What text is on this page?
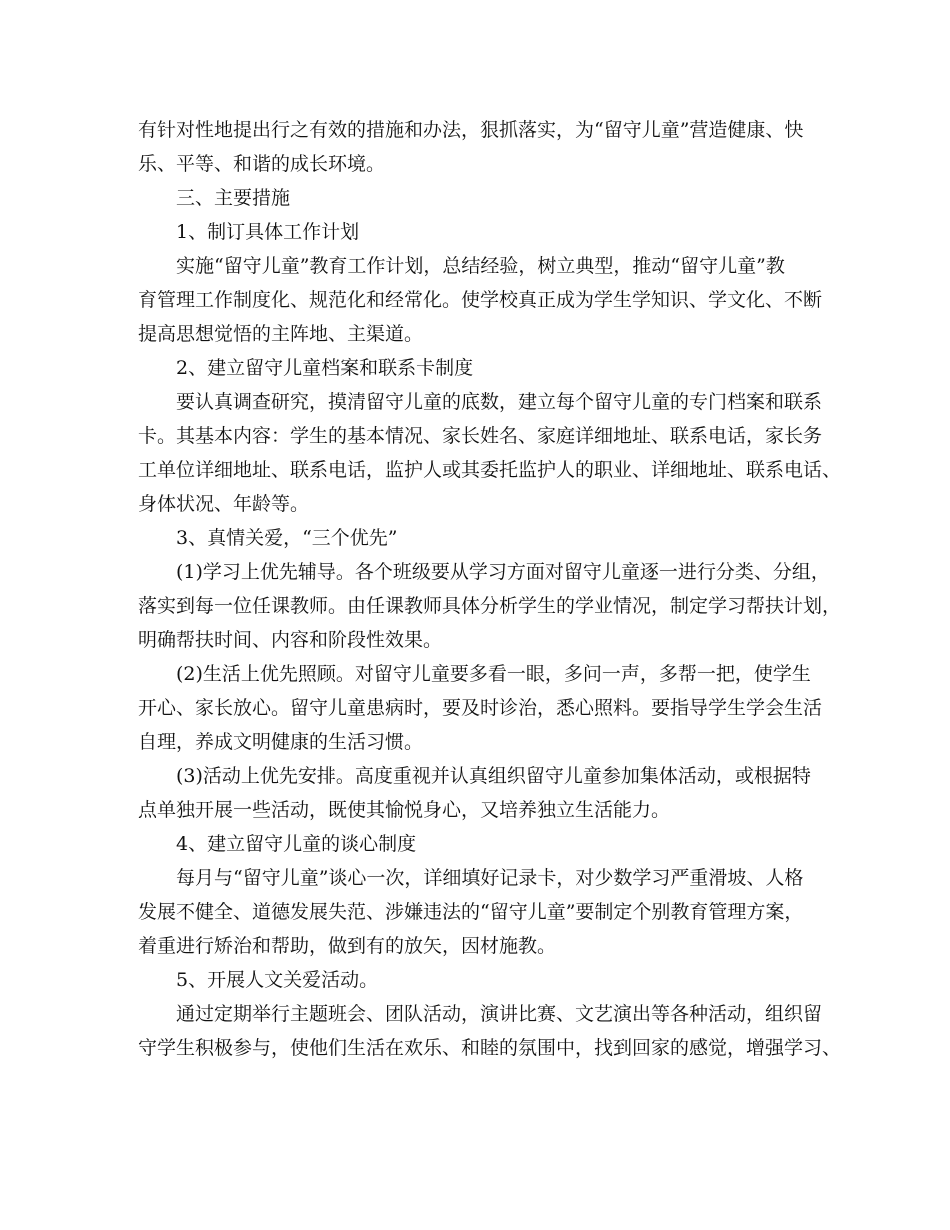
有针对性地提出行之有效的措施和办法，狠抓落实，为“留守儿童”营造健康、快
乐、平等、和谐的成长环境。
三、主要措施
1、制订具体工作计划
实施“留守儿童”教育工作计划，总结经验，树立典型，推动“留守儿童”教
育管理工作制度化、规范化和经常化。使学校真正成为学生学知识、学文化、不断
提高思想觉悟的主阵地、主渠道。
2、建立留守儿童档案和联系卡制度
要认真调查研究，摸清留守儿童的底数，建立每个留守儿童的专门档案和联系
卡。其基本内容：学生的基本情况、家长姓名、家庭详细地址、联系电话，家长务
工单位详细地址、联系电话，监护人或其委托监护人的职业、详细地址、联系电话、
身体状况、年龄等。
3、真情关爱，“三个优先”
(1)学习上优先辅导。各个班级要从学习方面对留守儿童逐一进行分类、分组，
落实到每一位任课教师。由任课教师具体分析学生的学业情况，制定学习帮扶计划，
明确帮扶时间、内容和阶段性效果。
(2)生活上优先照顾。对留守儿童要多看一眼，多问一声，多帮一把，使学生
开心、家长放心。留守儿童患病时，要及时诊治，悉心照料。要指导学生学会生活
自理，养成文明健康的生活习惯。
(3)活动上优先安排。高度重视并认真组织留守儿童参加集体活动，或根据特
点单独开展一些活动，既使其愉悦身心，又培养独立生活能力。
4、建立留守儿童的谈心制度
每月与“留守儿童”谈心一次，详细填好记录卡，对少数学习严重滑坡、人格
发展不健全、道德发展失范、涉嫌违法的“留守儿童”要制定个别教育管理方案，
着重进行矫治和帮助，做到有的放矢，因材施教。
5、开展人文关爱活动。
通过定期举行主题班会、团队活动，演讲比赛、文艺演出等各种活动，组织留
守学生积极参与，使他们生活在欢乐、和睦的氛围中，找到回家的感觉，增强学习、
